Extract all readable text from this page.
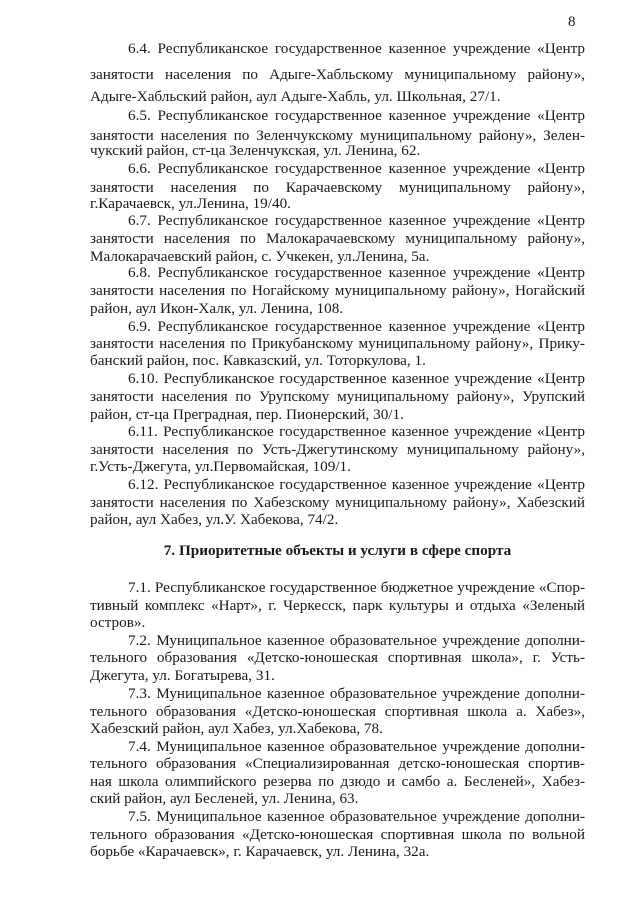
8
6.4. Республиканское государственное казенное учреждение «Центр
занятости населения по Адыге-Хабльскому муниципальному району»,
Адыге-Хабльский район, аул Адыге-Хабль, ул. Школьная, 27/1.
6.5. Республиканское государственное казенное учреждение «Центр
занятости населения по Зеленчукскому муниципальному району», Зелен-
чукский район, ст-ца Зеленчукская, ул. Ленина, 62.
6.6. Республиканское государственное казенное учреждение «Центр
занятости населения по Карачаевскому муниципальному району»,
г.Карачаевск, ул.Ленина, 19/40.
6.7. Республиканское государственное казенное учреждение «Центр
занятости населения по Малокарачаевскому муниципальному району»,
Малокарачаевский район, с. Учкекен, ул.Ленина, 5а.
6.8. Республиканское государственное казенное учреждение «Центр
занятости населения по Ногайскому муниципальному району», Ногайский
район, аул Икон-Халк, ул. Ленина, 108.
6.9. Республиканское государственное казенное учреждение «Центр
занятости населения по Прикубанскому муниципальному району», Прику-
банский район, пос. Кавказский, ул. Тоторкулова, 1.
6.10. Республиканское государственное казенное учреждение «Центр
занятости населения по Урупскому муниципальному району», Урупский
район, ст-ца Преградная, пер. Пионерский, 30/1.
6.11. Республиканское государственное казенное учреждение «Центр
занятости населения по Усть-Джегутинскому муниципальному району»,
г.Усть-Джегута, ул.Первомайская, 109/1.
6.12. Республиканское государственное казенное учреждение «Центр
занятости населения по Хабезскому муниципальному району», Хабезский
район, аул Хабез, ул.У. Хабекова, 74/2.
7. Приоритетные объекты и услуги в сфере спорта
7.1. Республиканское государственное бюджетное учреждение «Спор-
тивный комплекс «Нарт», г. Черкесск, парк культуры и отдыха «Зеленый
остров».
7.2. Муниципальное казенное образовательное учреждение дополни-
тельного образования «Детско-юношеская спортивная школа», г. Усть-
Джегута, ул. Богатырева, 31.
7.3. Муниципальное казенное образовательное учреждение дополни-
тельного образования «Детско-юношеская спортивная школа а. Хабез»,
Хабезский район, аул Хабез, ул.Хабекова, 78.
7.4. Муниципальное казенное образовательное учреждение дополни-
тельного образования «Специализированная детско-юношеская спортив-
ная школа олимпийского резерва по дзюдо и самбо а. Бесленей», Хабез-
ский район, аул Бесленей, ул. Ленина, 63.
7.5. Муниципальное казенное образовательное учреждение дополни-
тельного образования «Детско-юношеская спортивная школа по вольной
борьбе «Карачаевск», г. Карачаевск, ул. Ленина, 32а.
